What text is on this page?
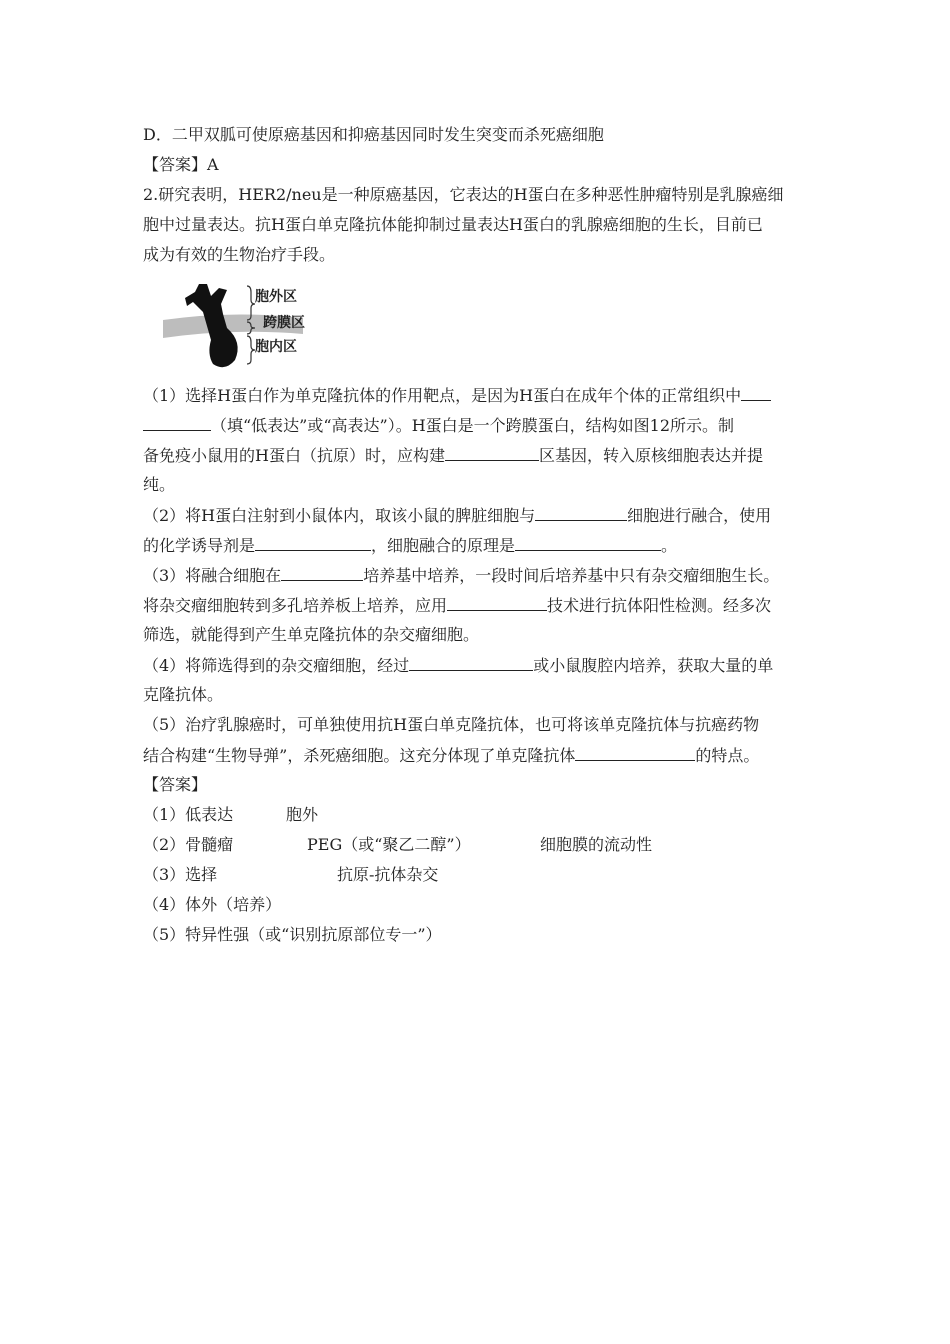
D．二甲双胍可使原癌基因和抑癌基因同时发生突变而杀死癌细胞
【答案】A
2.研究表明，HER2/neu是一种原癌基因，它表达的H蛋白在多种恶性肿瘤特别是乳腺癌细
胞中过量表达。抗H蛋白单克隆抗体能抑制过量表达H蛋白的乳腺癌细胞的生长，目前已
成为有效的生物治疗手段。
胞外区
跨膜区
胞内区
（1）选择H蛋白作为单克隆抗体的作用靶点，是因为H蛋白在成年个体的正常组织中
（填“低表达”或“高表达”）。H蛋白是一个跨膜蛋白，结构如图12所示。制
备免疫小鼠用的H蛋白（抗原）时，应构建	区基因，转入原核细胞表达并提
纯。
（2）将H蛋白注射到小鼠体内，取该小鼠的脾脏细胞与	细胞进行融合，使用
的化学诱导剂是	，细胞融合的原理是	。
（3）将融合细胞在	培养基中培养，一段时间后培养基中只有杂交瘤细胞生长。
将杂交瘤细胞转到多孔培养板上培养，应用	技术进行抗体阳性检测。经多次
筛选，就能得到产生单克隆抗体的杂交瘤细胞。
（4）将筛选得到的杂交瘤细胞，经过	或小鼠腹腔内培养，获取大量的单
克隆抗体。
（5）治疗乳腺癌时，可单独使用抗H蛋白单克隆抗体，也可将该单克隆抗体与抗癌药物
结合构建“生物导弹”，杀死癌细胞。这充分体现了单克隆抗体	的特点。
【答案】
（1）低表达	胞外
（2）骨髓瘤	PEG（或“聚乙二醇”）	细胞膜的流动性
（3）选择	抗原-抗体杂交
（4）体外（培养）
（5）特异性强（或“识别抗原部位专一”）
